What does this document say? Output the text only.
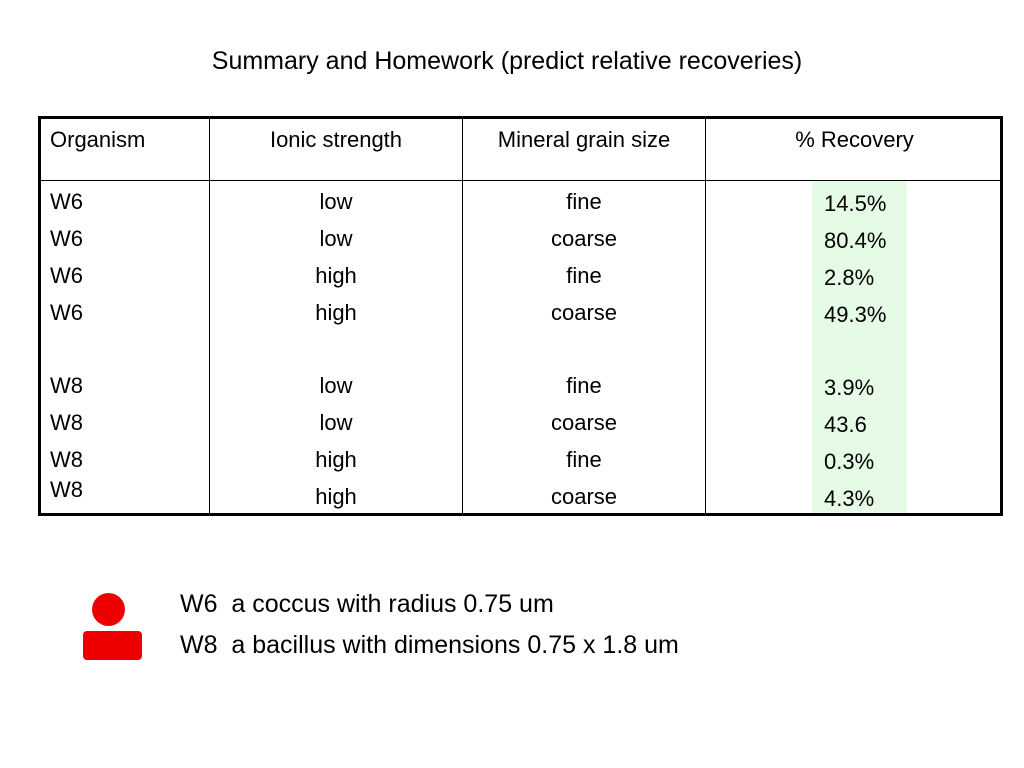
Summary and Homework (predict relative recoveries)
Organism	Ionic strength	Mineral grain size	% Recovery
W6	low	fine	14.5%
W6	low	coarse	80.4%
W6	high	fine	2.8%
W6	high	coarse	49.3%
W8	low	fine	3.9%
W8	low	coarse	43.6
W8	high	fine	0.3%
W8	high	coarse	4.3%
W6  a coccus with radius 0.75 um
W8  a bacillus with dimensions 0.75 x 1.8 um
